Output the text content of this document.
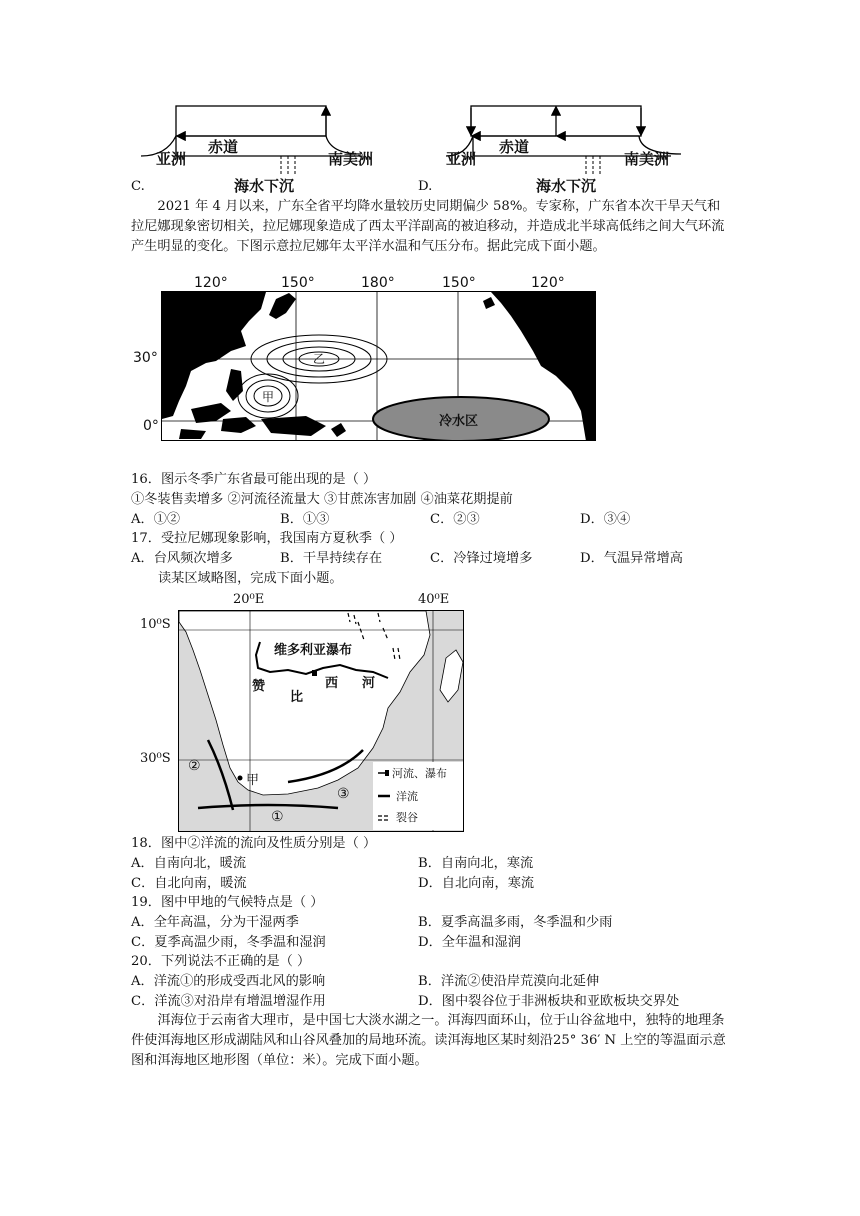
亚洲
赤道
南美洲
海水下沉
C.
亚洲
赤道
南美洲
海水下沉
D.

2021 年 4 月以来，广东全省平均降水量较历史同期偏少 58%。专家称，广东省本次干旱天气和拉尼娜现象密切相关，拉尼娜现象造成了西太平洋副高的被迫移动，并造成北半球高低纬之间大气环流产生明显的变化。下图示意拉尼娜年太平洋水温和气压分布。据此完成下面小题。

120°	150°	180°	150°	120°
30°
0°
乙
甲
冷水区
16．图示冬季广东省最可能出现的是（ ）
①冬装售卖增多 ②河流径流量大 ③甘蔗冻害加剧 ④油菜花期提前
A．①②	B．①③	C．②③	D．③④
17．受拉尼娜现象影响，我国南方夏秋季（ ）
A．台风频次增多	B．干旱持续存在	C．冷锋过境增多	D．气温异常增高
读某区域略图，完成下面小题。
20⁰E	40⁰E
10⁰S
30⁰S
维多利亚瀑布
赞
比
西 河
甲
①
②
③
河流、瀑布
洋流
裂谷
18．图中②洋流的流向及性质分别是（ ）
A．自南向北，暖流	B．自南向北，寒流
C．自北向南，暖流	D．自北向南，寒流
19．图中甲地的气候特点是（ ）
A．全年高温，分为干湿两季	B．夏季高温多雨，冬季温和少雨
C．夏季高温少雨，冬季温和湿润	D．全年温和湿润
20．下列说法不正确的是（ ）
A．洋流①的形成受西北风的影响	B．洋流②使沿岸荒漠向北延伸
C．洋流③对沿岸有增温增湿作用	D．图中裂谷位于非洲板块和亚欧板块交界处

洱海位于云南省大理市，是中国七大淡水湖之一。洱海四面环山，位于山谷盆地中，独特的地理条件使洱海地区形成湖陆风和山谷风叠加的局地环流。读洱海地区某时刻沿25° 36′ N 上空的等温面示意图和洱海地区地形图（单位：米）。完成下面小题。
